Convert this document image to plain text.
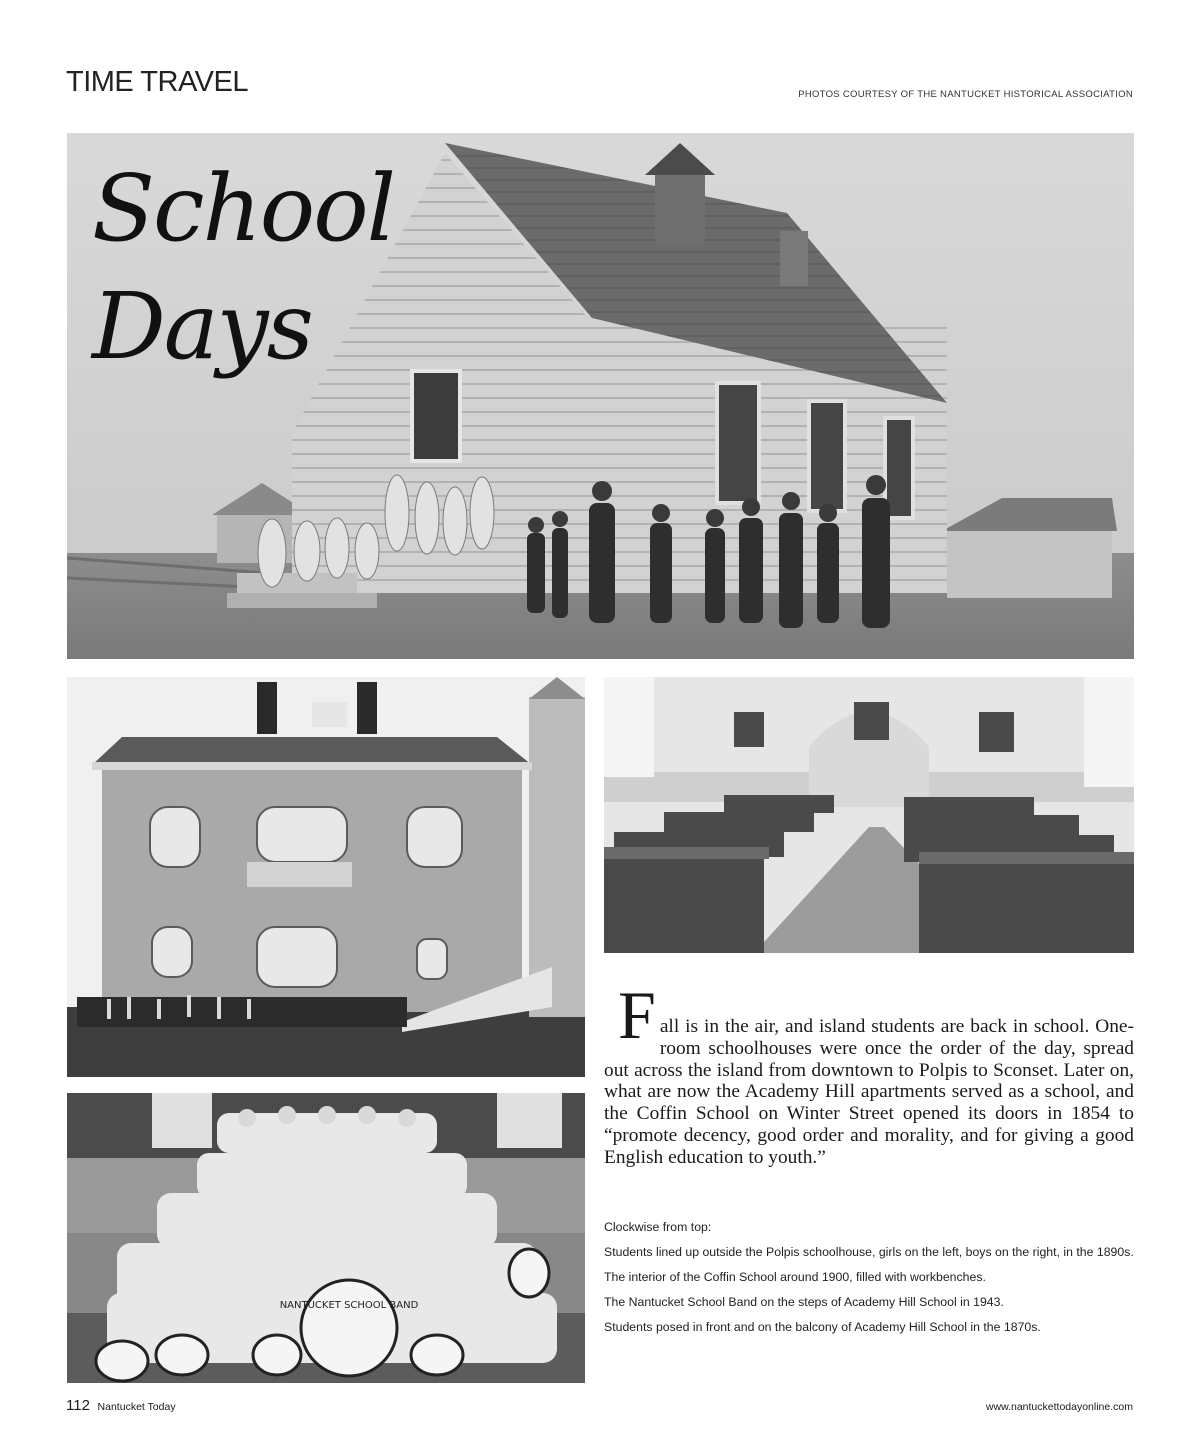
TIME TRAVEL	PHOTOS COURTESY OF THE NANTUCKET HISTORICAL ASSOCIATION
School
Days
NANTUCKET SCHOOL BAND

Fall is in the air, and island students are back in school. One-room schoolhouses were once the order of the day, spread out across the island from downtown to Polpis to Sconset. Later on, what are now the Academy Hill apartments served as a school, and the Coffin School on Winter Street opened its doors in 1854 to “promote decency, good order and morality, and for giving a good English education to youth.”

Clockwise from top:
Students lined up outside the Polpis schoolhouse, girls on the left, boys on the right, in the 1890s.
The interior of the Coffin School around 1900, filled with workbenches.
The Nantucket School Band on the steps of Academy Hill School in 1943.
Students posed in front and on the balcony of Academy Hill School in the 1870s.
112 Nantucket Today	www.nantuckettodayonline.com
